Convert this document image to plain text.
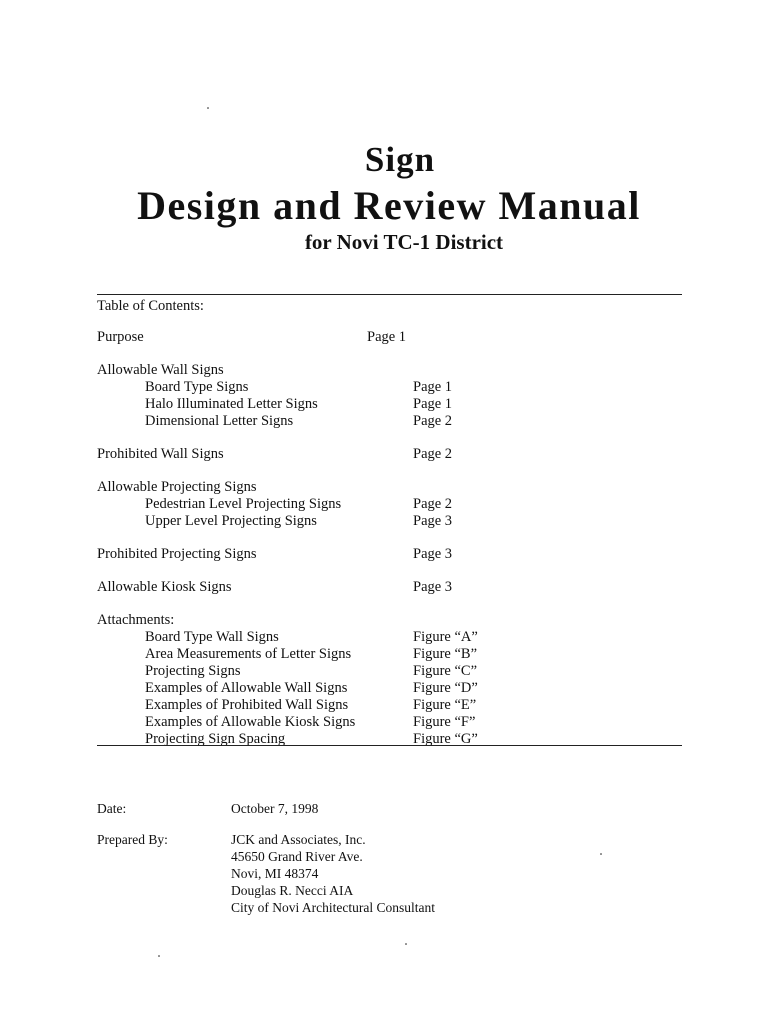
Sign
Design and Review Manual
for Novi TC-1 District
Table of Contents:
Purpose	Page 1
Allowable Wall Signs
Board Type Signs	Page 1
Halo Illuminated Letter Signs	Page 1
Dimensional Letter Signs	Page 2
Prohibited Wall Signs	Page 2
Allowable Projecting Signs
Pedestrian Level Projecting Signs	Page 2
Upper Level Projecting Signs	Page 3
Prohibited Projecting Signs	Page 3
Allowable Kiosk Signs	Page 3
Attachments:
Board Type Wall Signs	Figure “A”
Area Measurements of Letter Signs	Figure “B”
Projecting Signs	Figure “C”
Examples of Allowable Wall Signs	Figure “D”
Examples of Prohibited Wall Signs	Figure “E”
Examples of Allowable Kiosk Signs	Figure “F”
Projecting Sign Spacing	Figure “G”
Date:	October 7, 1998
Prepared By:	JCK and Associates, Inc.
45650 Grand River Ave.
Novi, MI 48374
Douglas R. Necci AIA
City of Novi Architectural Consultant
